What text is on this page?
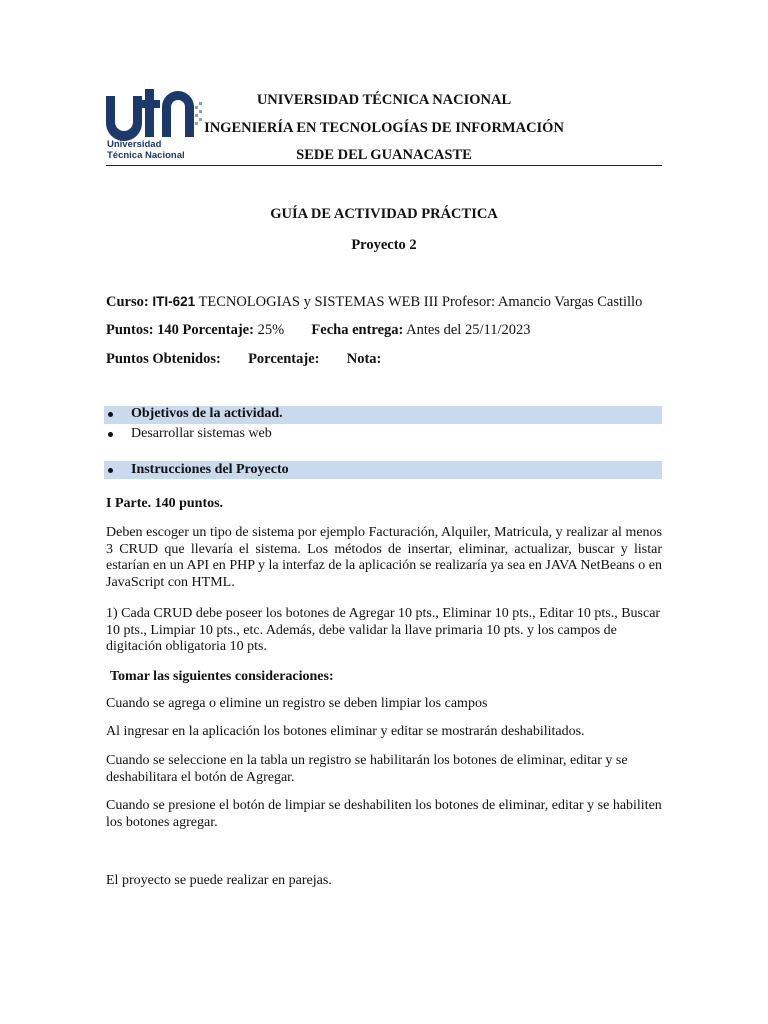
Universidad
Técnica Nacional
UNIVERSIDAD TÉCNICA NACIONAL
INGENIERÍA EN TECNOLOGÍAS DE INFORMACIÓN
SEDE DEL GUANACASTE
GUÍA DE ACTIVIDAD PRÁCTICA
Proyecto 2
Curso: ITI-621 TECNOLOGIAS y SISTEMAS WEB III Profesor: Amancio Vargas Castillo
Puntos: 140 Porcentaje: 25% Fecha entrega: Antes del 25/11/2023
Puntos Obtenidos: Porcentaje: Nota:
Objetivos de la actividad.
Desarrollar sistemas web
Instrucciones del Proyecto
I Parte. 140 puntos.
Deben escoger un tipo de sistema por ejemplo Facturación, Alquiler, Matricula, y realizar al menos 3 CRUD que llevaría el sistema. Los métodos de insertar, eliminar, actualizar, buscar y listar estarían en un API en PHP y la interfaz de la aplicación se realizaría ya sea en JAVA NetBeans o en JavaScript con HTML.
1) Cada CRUD debe poseer los botones de Agregar 10 pts., Eliminar 10 pts., Editar 10 pts., Buscar 10 pts., Limpiar 10 pts., etc. Además, debe validar la llave primaria 10 pts. y los campos de digitación obligatoria 10 pts.
Tomar las siguientes consideraciones:
Cuando se agrega o elimine un registro se deben limpiar los campos
Al ingresar en la aplicación los botones eliminar y editar se mostrarán deshabilitados.
Cuando se seleccione en la tabla un registro se habilitarán los botones de eliminar, editar y se deshabilitara el botón de Agregar.
Cuando se presione el botón de limpiar se deshabiliten los botones de eliminar, editar y se habiliten los botones agregar.
El proyecto se puede realizar en parejas.
